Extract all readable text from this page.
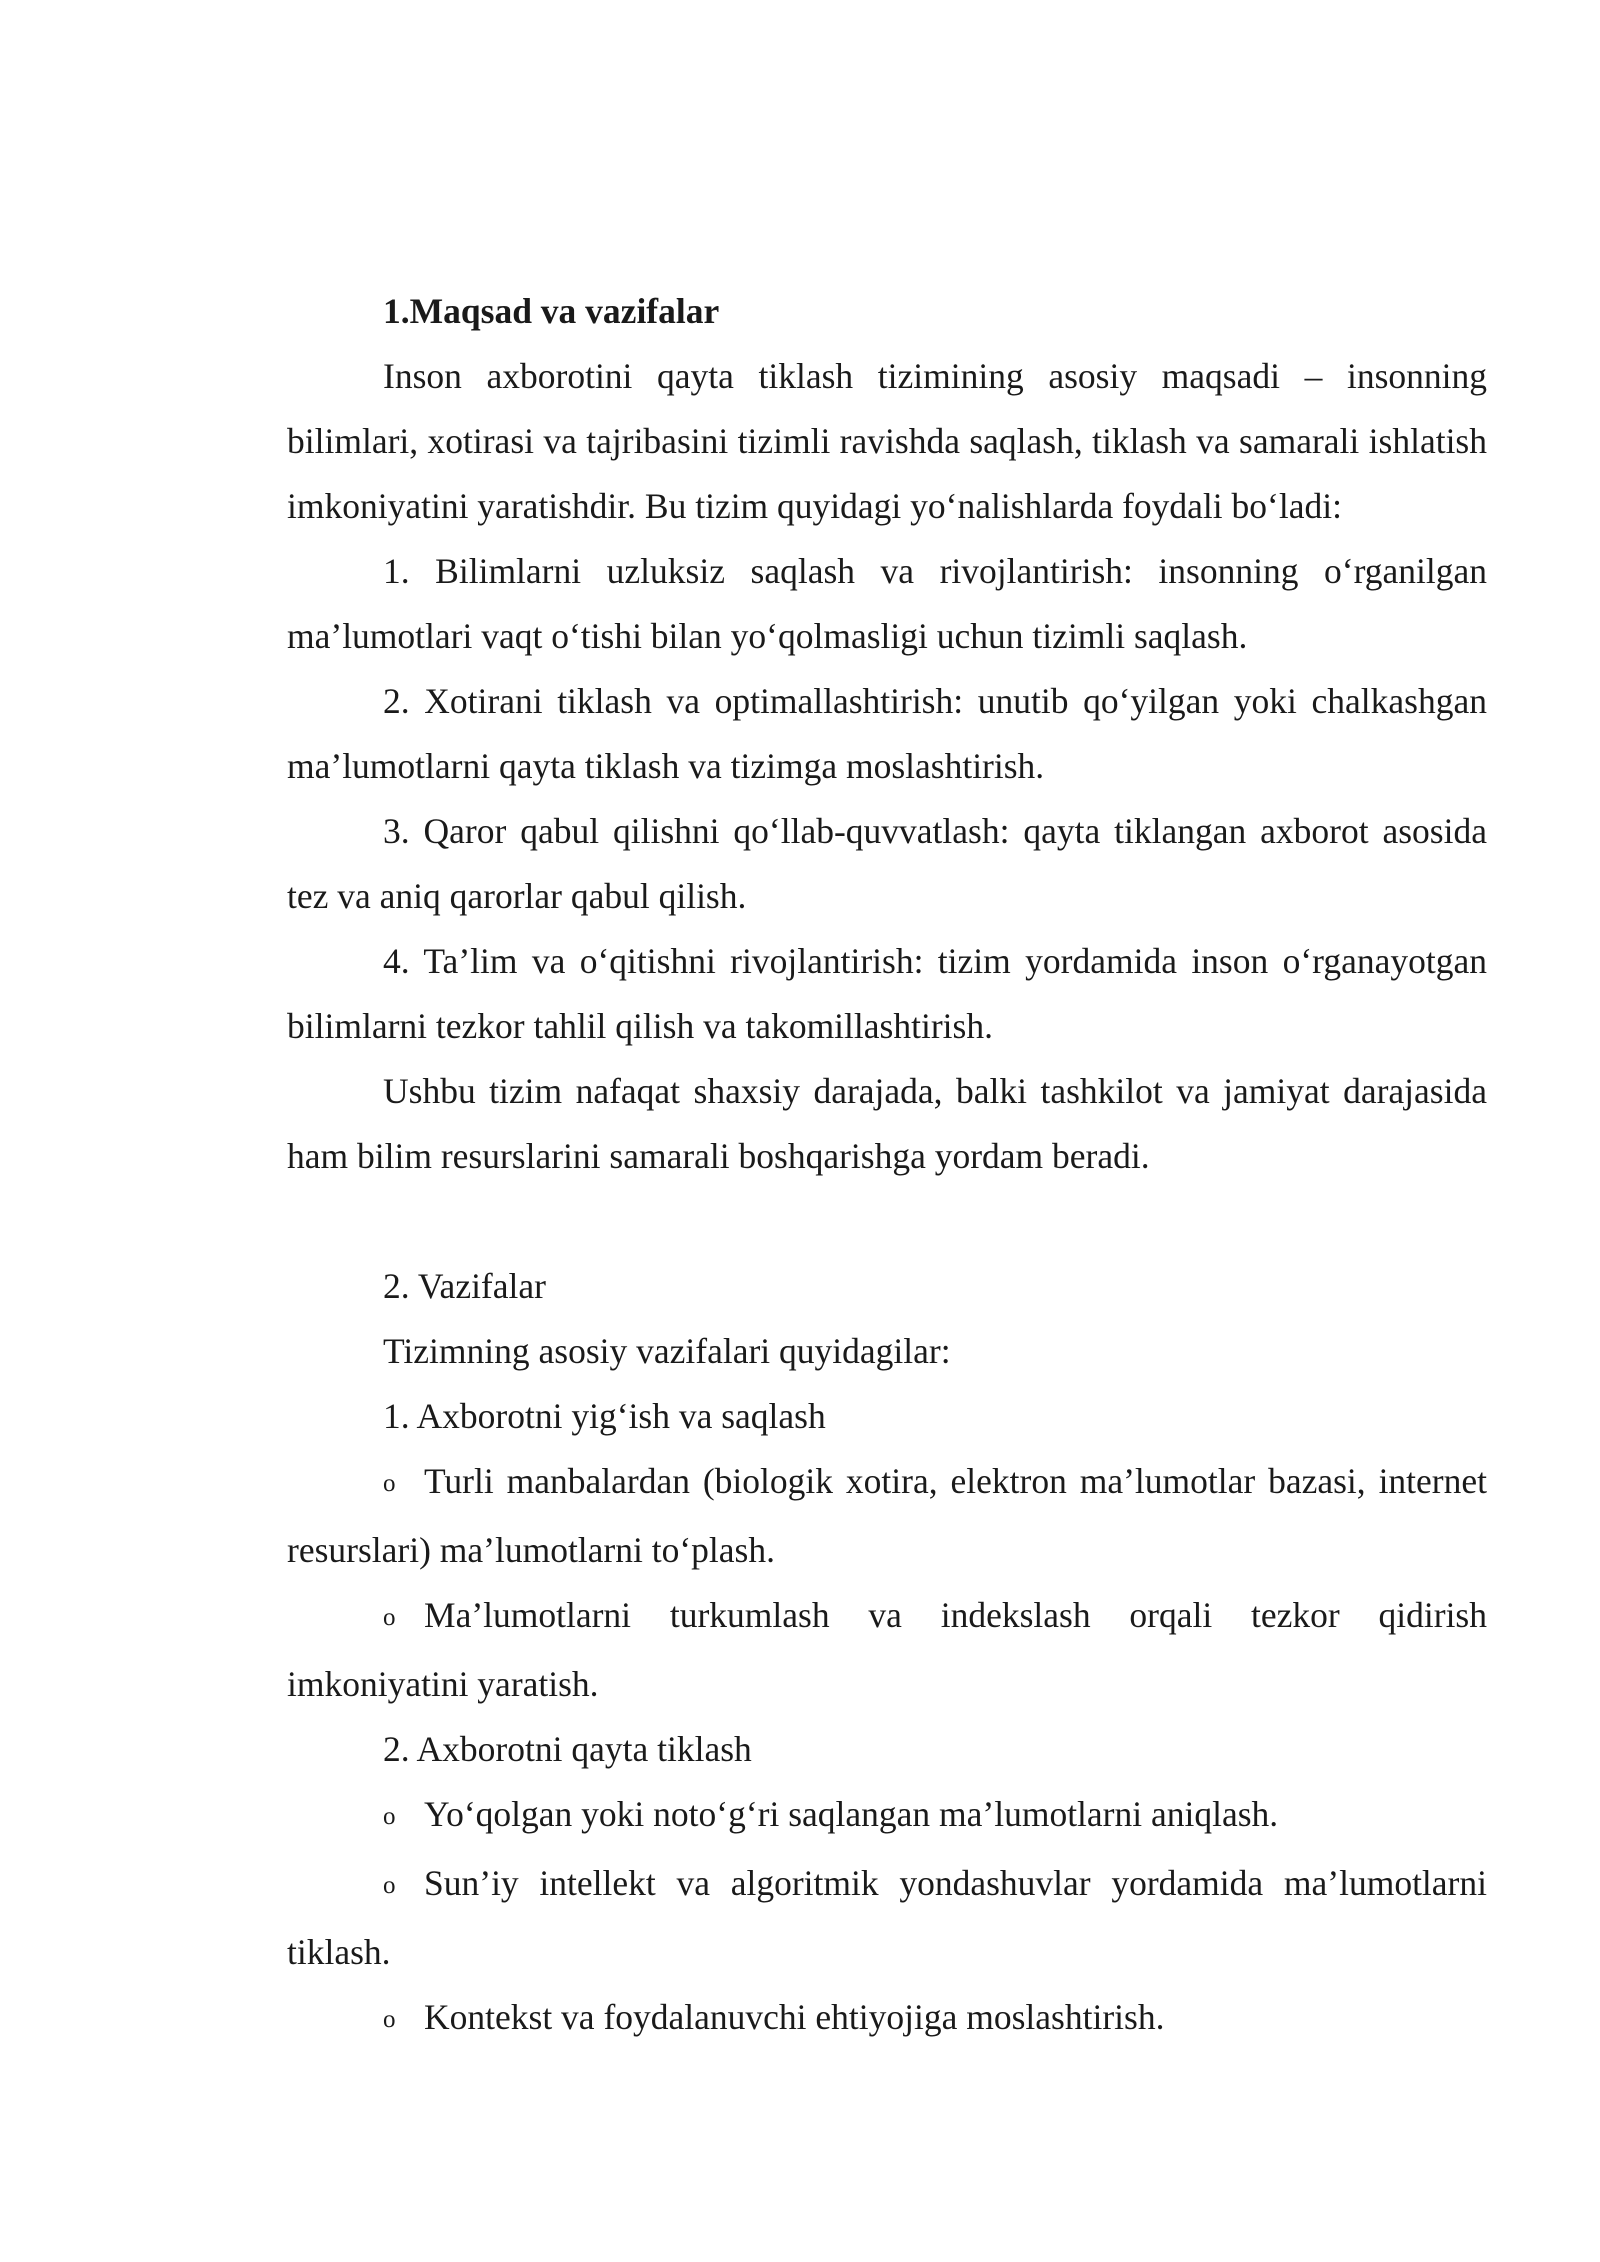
1.Maqsad va vazifalar

Inson axborotini qayta tiklash tizimining asosiy maqsadi – insonning bilimlari, xotirasi va tajribasini tizimli ravishda saqlash, tiklash va samarali ishlatish imkoniyatini yaratishdir. Bu tizim quyidagi yo‘nalishlarda foydali bo‘ladi:

1. Bilimlarni uzluksiz saqlash va rivojlantirish: insonning o‘rganilgan ma’lumotlari vaqt o‘tishi bilan yo‘qolmasligi uchun tizimli saqlash.

2. Xotirani tiklash va optimallashtirish: unutib qo‘yilgan yoki chalkashgan ma’lumotlarni qayta tiklash va tizimga moslashtirish.

3. Qaror qabul qilishni qo‘llab-quvvatlash: qayta tiklangan axborot asosida tez va aniq qarorlar qabul qilish.

4. Ta’lim va o‘qitishni rivojlantirish: tizim yordamida inson o‘rganayotgan bilimlarni tezkor tahlil qilish va takomillashtirish.

Ushbu tizim nafaqat shaxsiy darajada, balki tashkilot va jamiyat darajasida ham bilim resurslarini samarali boshqarishga yordam beradi.

2. Vazifalar

Tizimning asosiy vazifalari quyidagilar:

1. Axborotni yig‘ish va saqlash

o Turli manbalardan (biologik xotira, elektron ma’lumotlar bazasi, internet resurslari) ma’lumotlarni to‘plash.

o Ma’lumotlarni turkumlash va indekslash orqali tezkor qidirish imkoniyatini yaratish.

2. Axborotni qayta tiklash

o Yo‘qolgan yoki noto‘g‘ri saqlangan ma’lumotlarni aniqlash.

o Sun’iy intellekt va algoritmik yondashuvlar yordamida ma’lumotlarni tiklash.

o Kontekst va foydalanuvchi ehtiyojiga moslashtirish.
